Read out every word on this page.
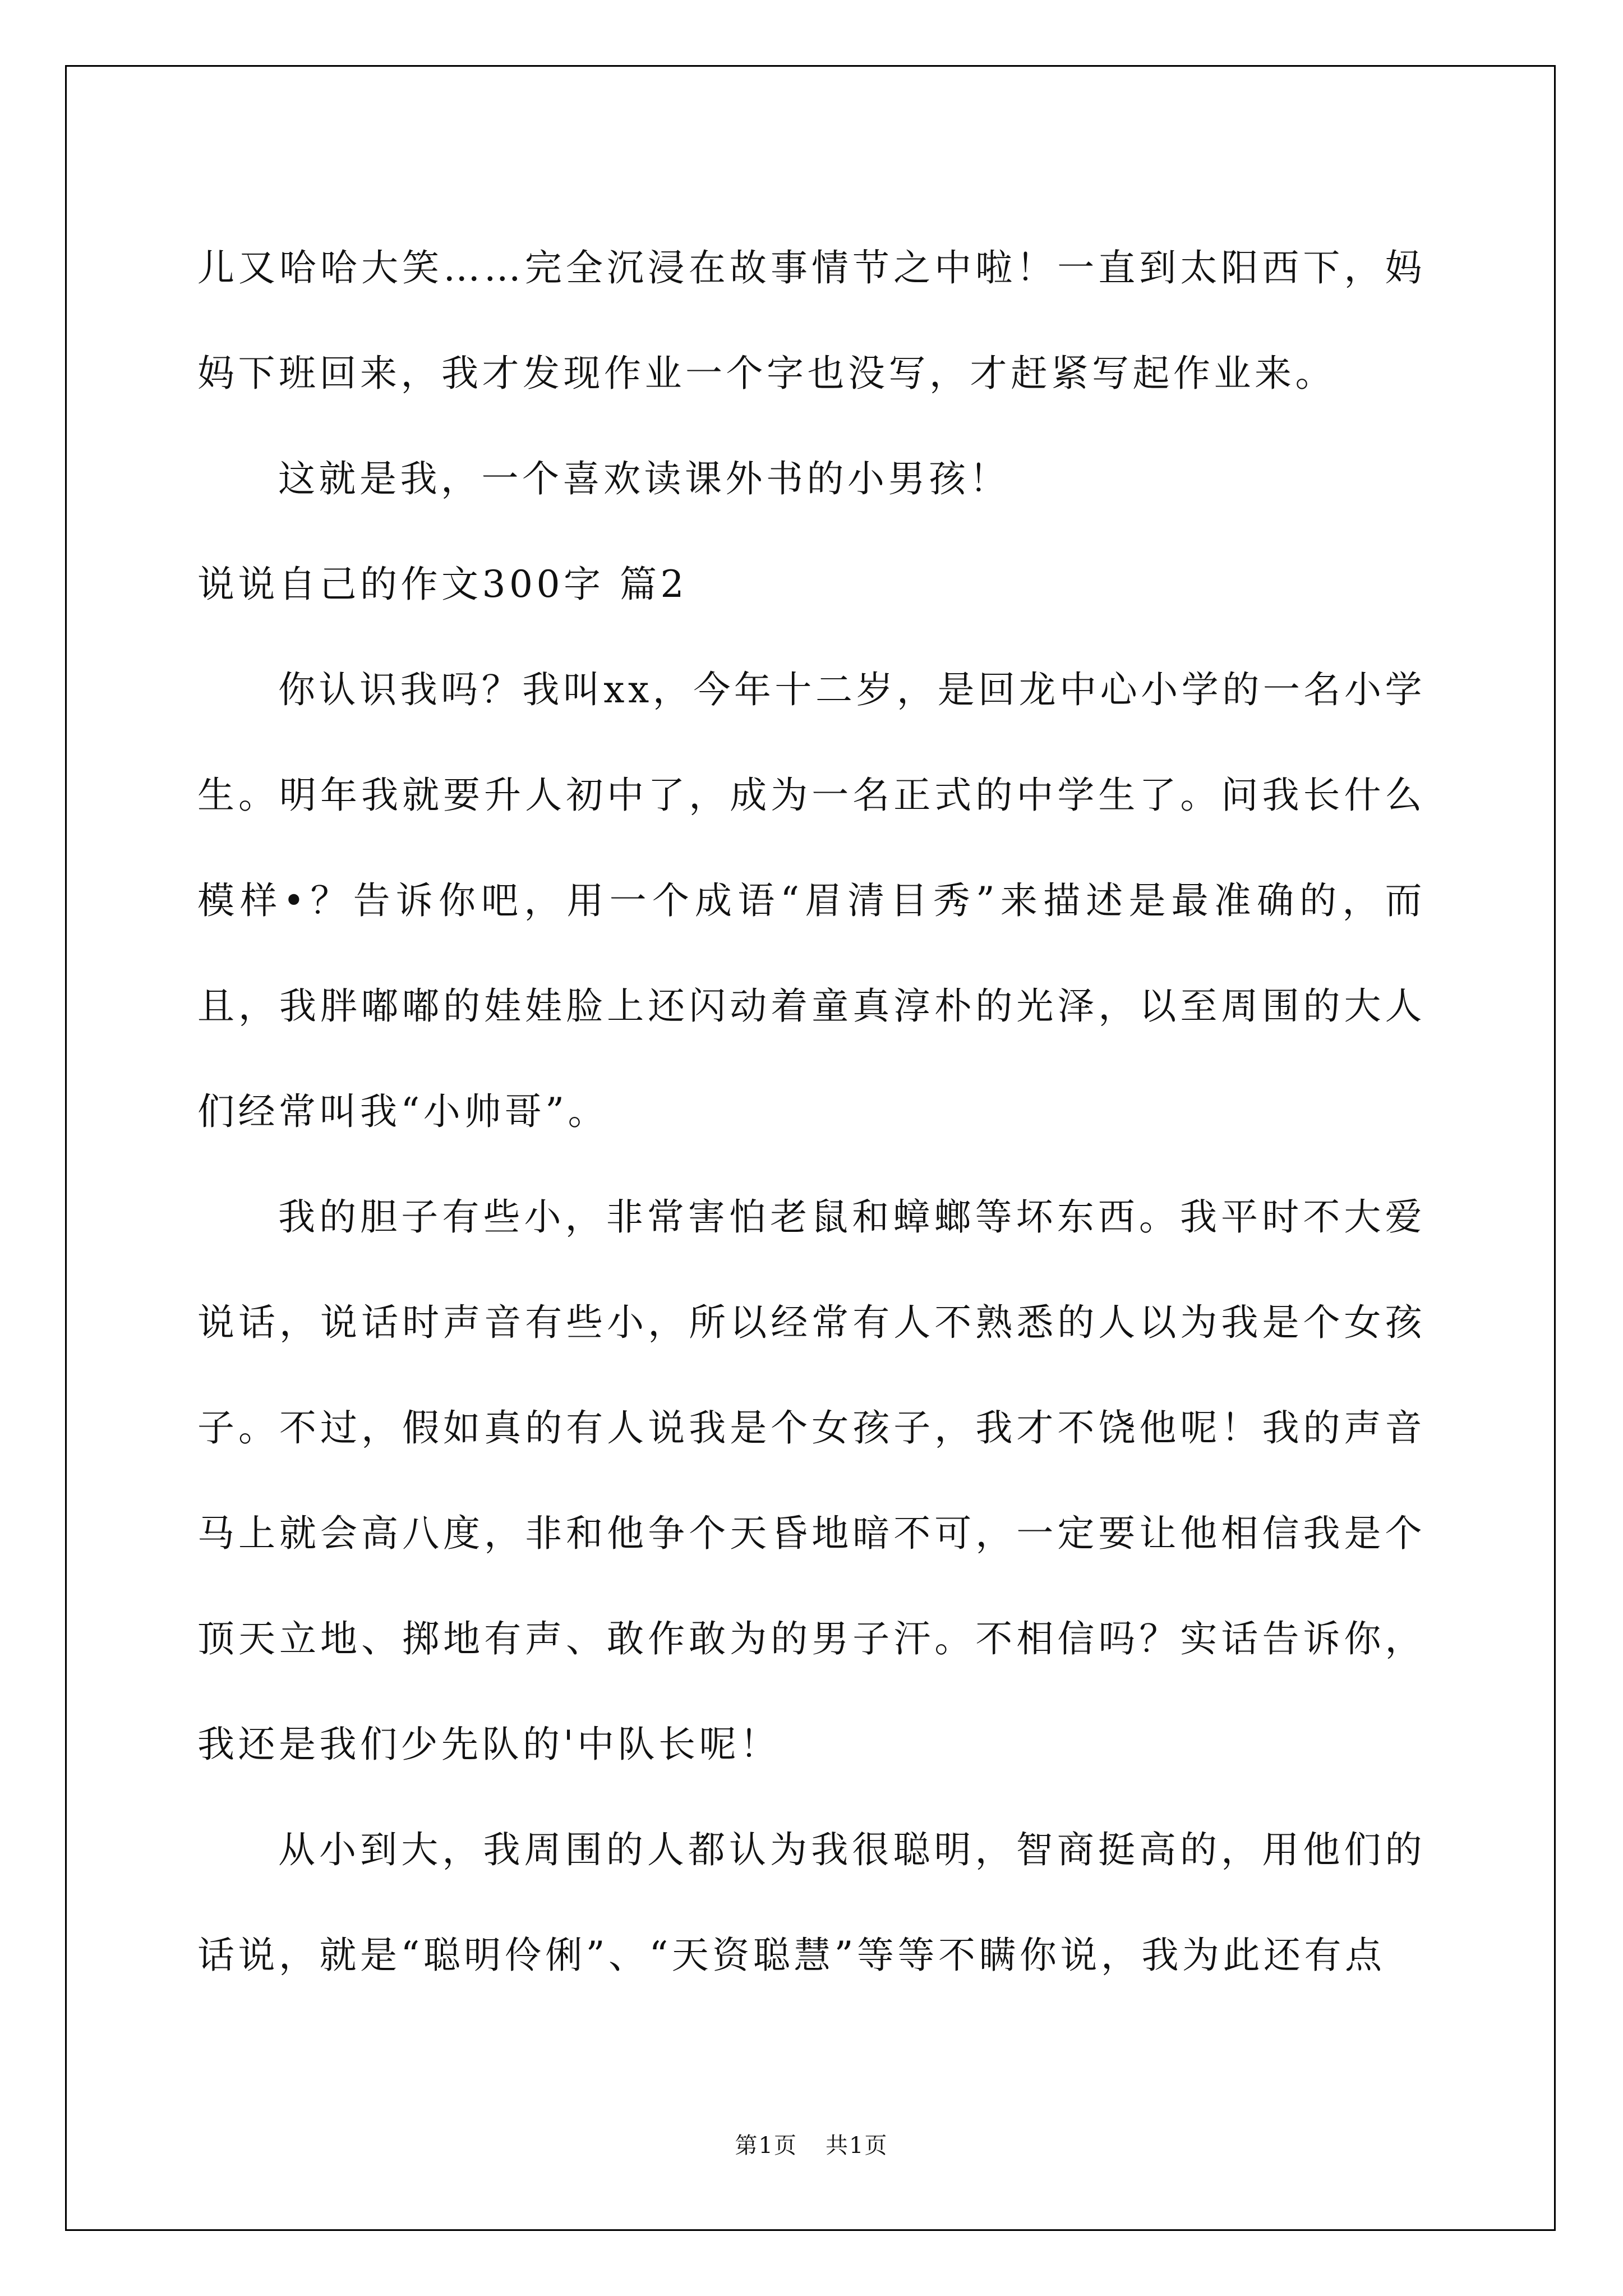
儿又哈哈大笑……完全沉浸在故事情节之中啦！一直到太阳西下，妈妈下班回来，我才发现作业一个字也没写，才赶紧写起作业来。

这就是我，一个喜欢读课外书的小男孩！

说说自己的作文300字 篇2

你认识我吗？我叫xx，今年十二岁，是回龙中心小学的一名小学生。明年我就要升人初中了，成为一名正式的中学生了。问我长什么模样•？告诉你吧，用一个成语“眉清目秀”来描述是最准确的，而且，我胖嘟嘟的娃娃脸上还闪动着童真淳朴的光泽，以至周围的大人们经常叫我“小帅哥”。

我的胆子有些小，非常害怕老鼠和蟑螂等坏东西。我平时不大爱说话，说话时声音有些小，所以经常有人不熟悉的人以为我是个女孩子。不过，假如真的有人说我是个女孩子，我才不饶他呢！我的声音马上就会高八度，非和他争个天昏地暗不可，一定要让他相信我是个顶天立地、掷地有声、敢作敢为的男子汗。不相信吗？实话告诉你，我还是我们少先队的'中队长呢！

从小到大，我周围的人都认为我很聪明，智商挺高的，用他们的话说，就是“聪明伶俐”、“天资聪慧”等等不瞒你说，我为此还有点

第1页 共1页
